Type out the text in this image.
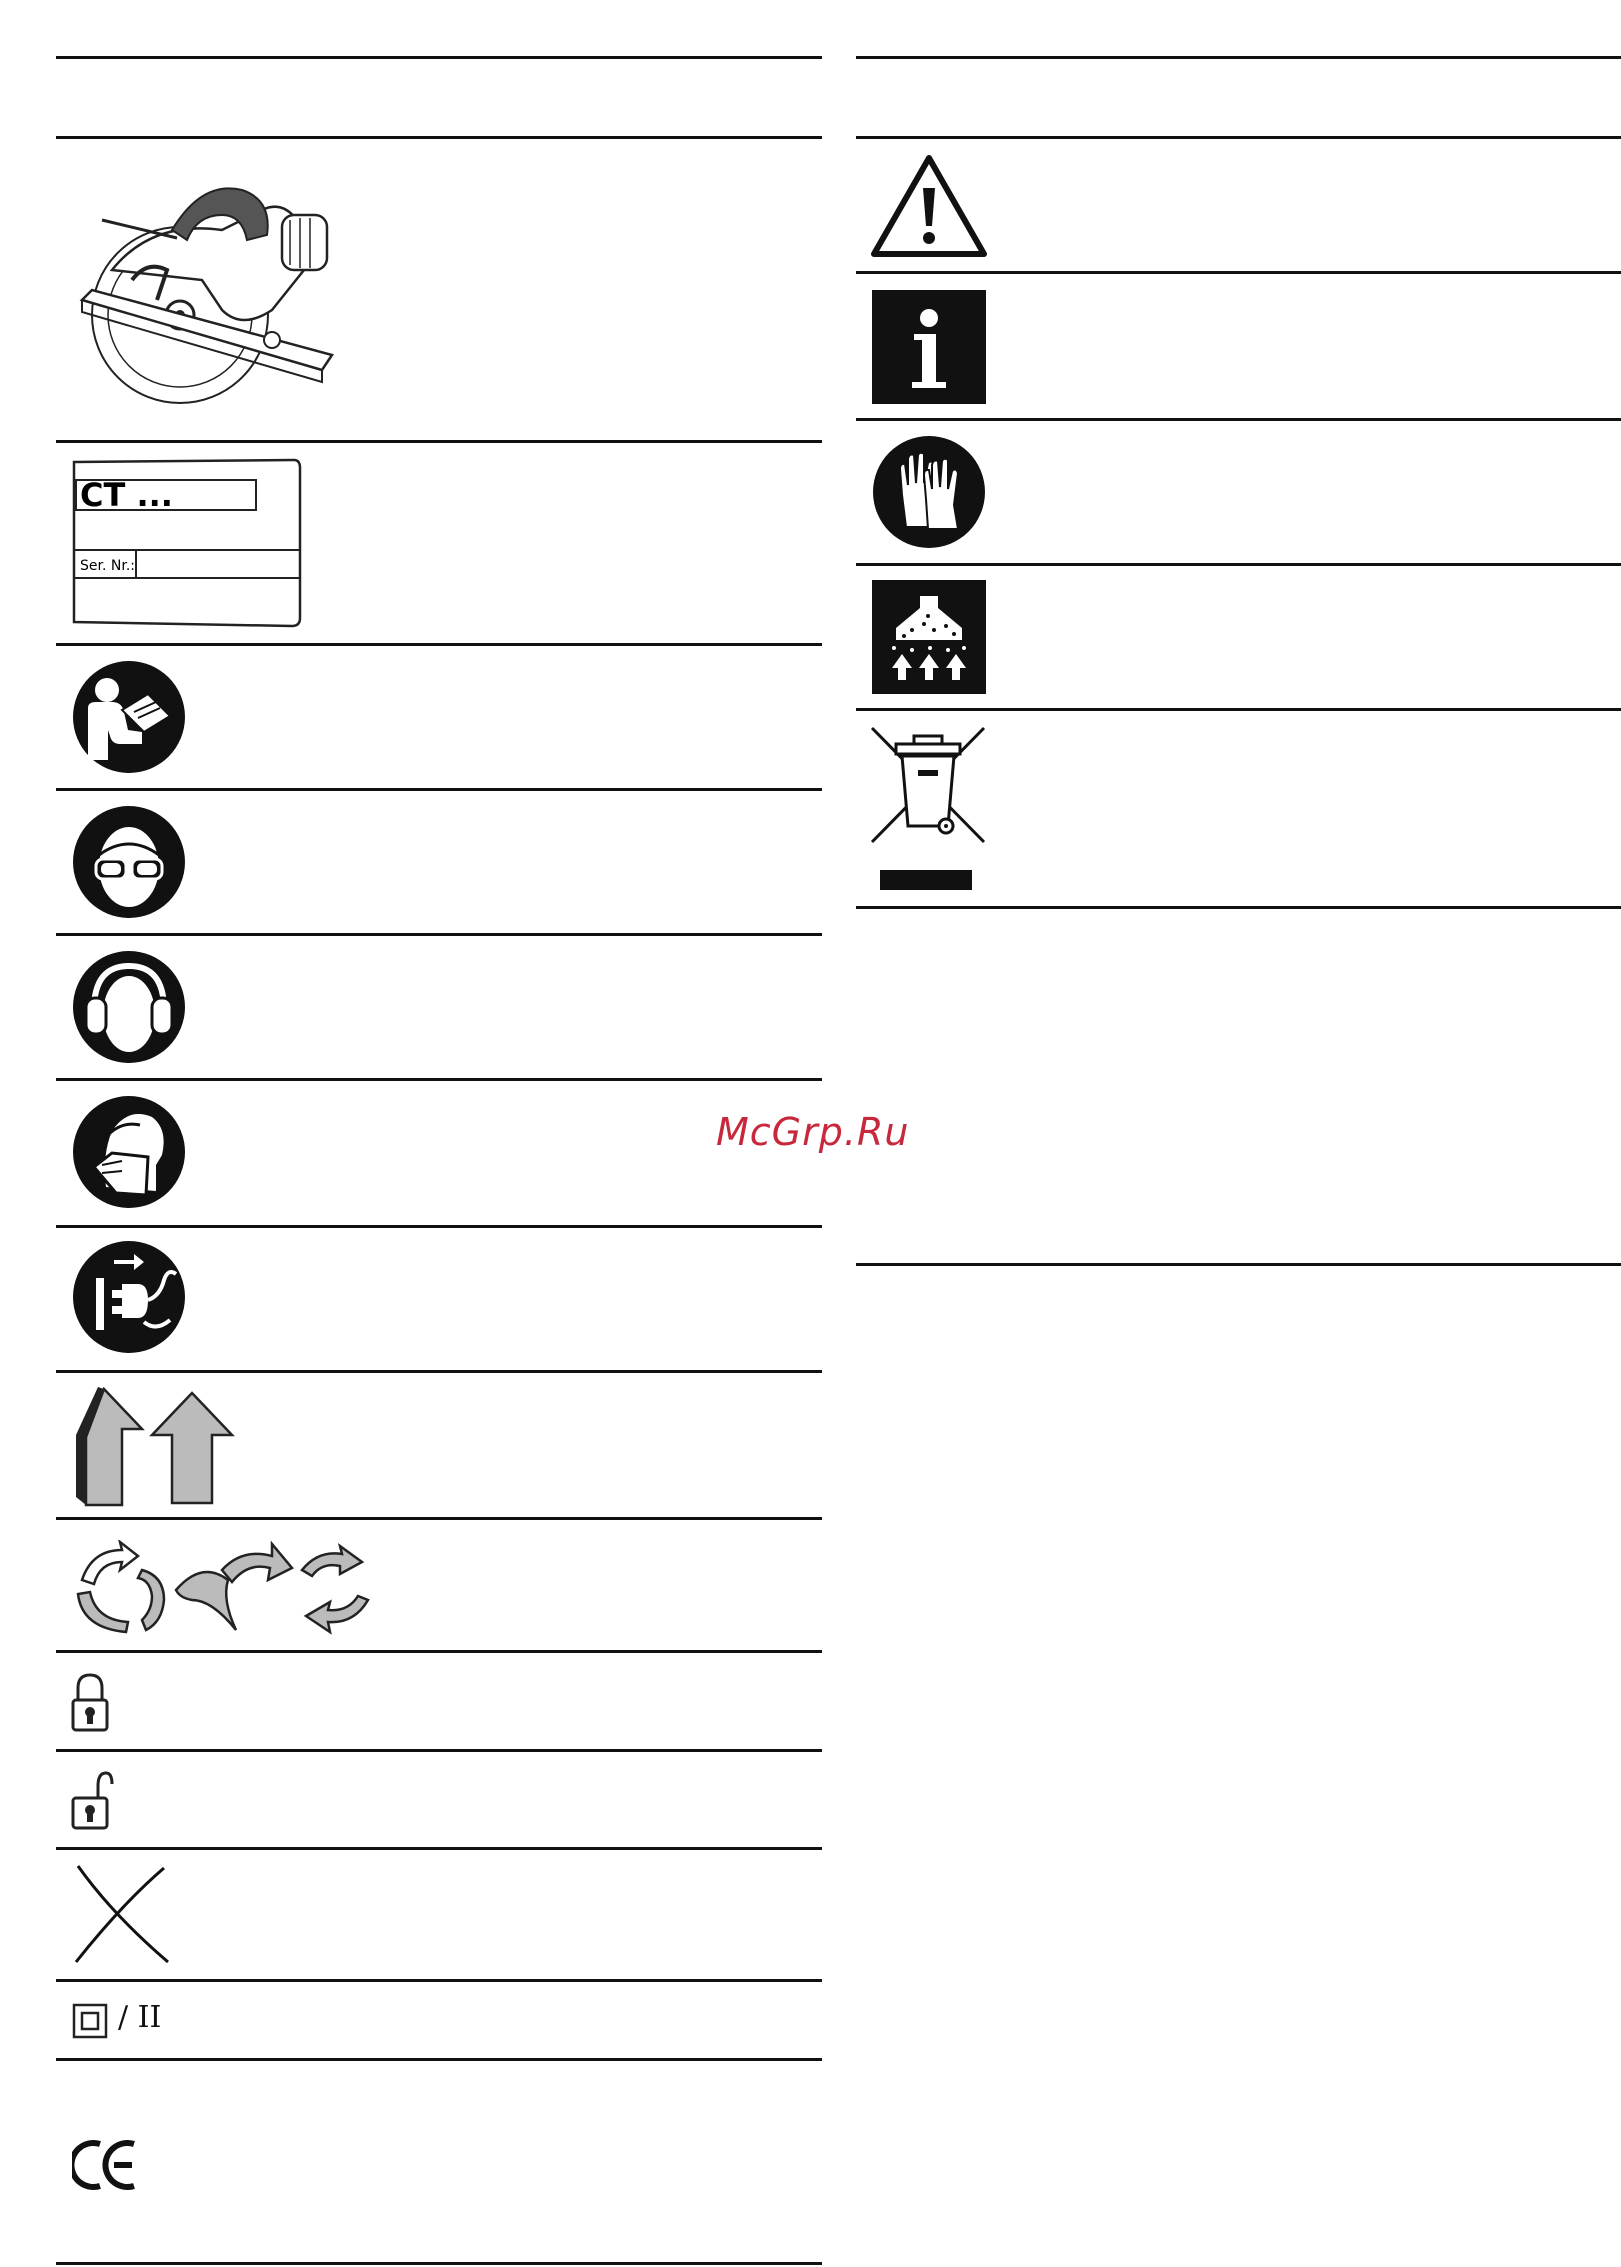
CT ...
Ser. Nr.:
/ II
McGrp.Ru
